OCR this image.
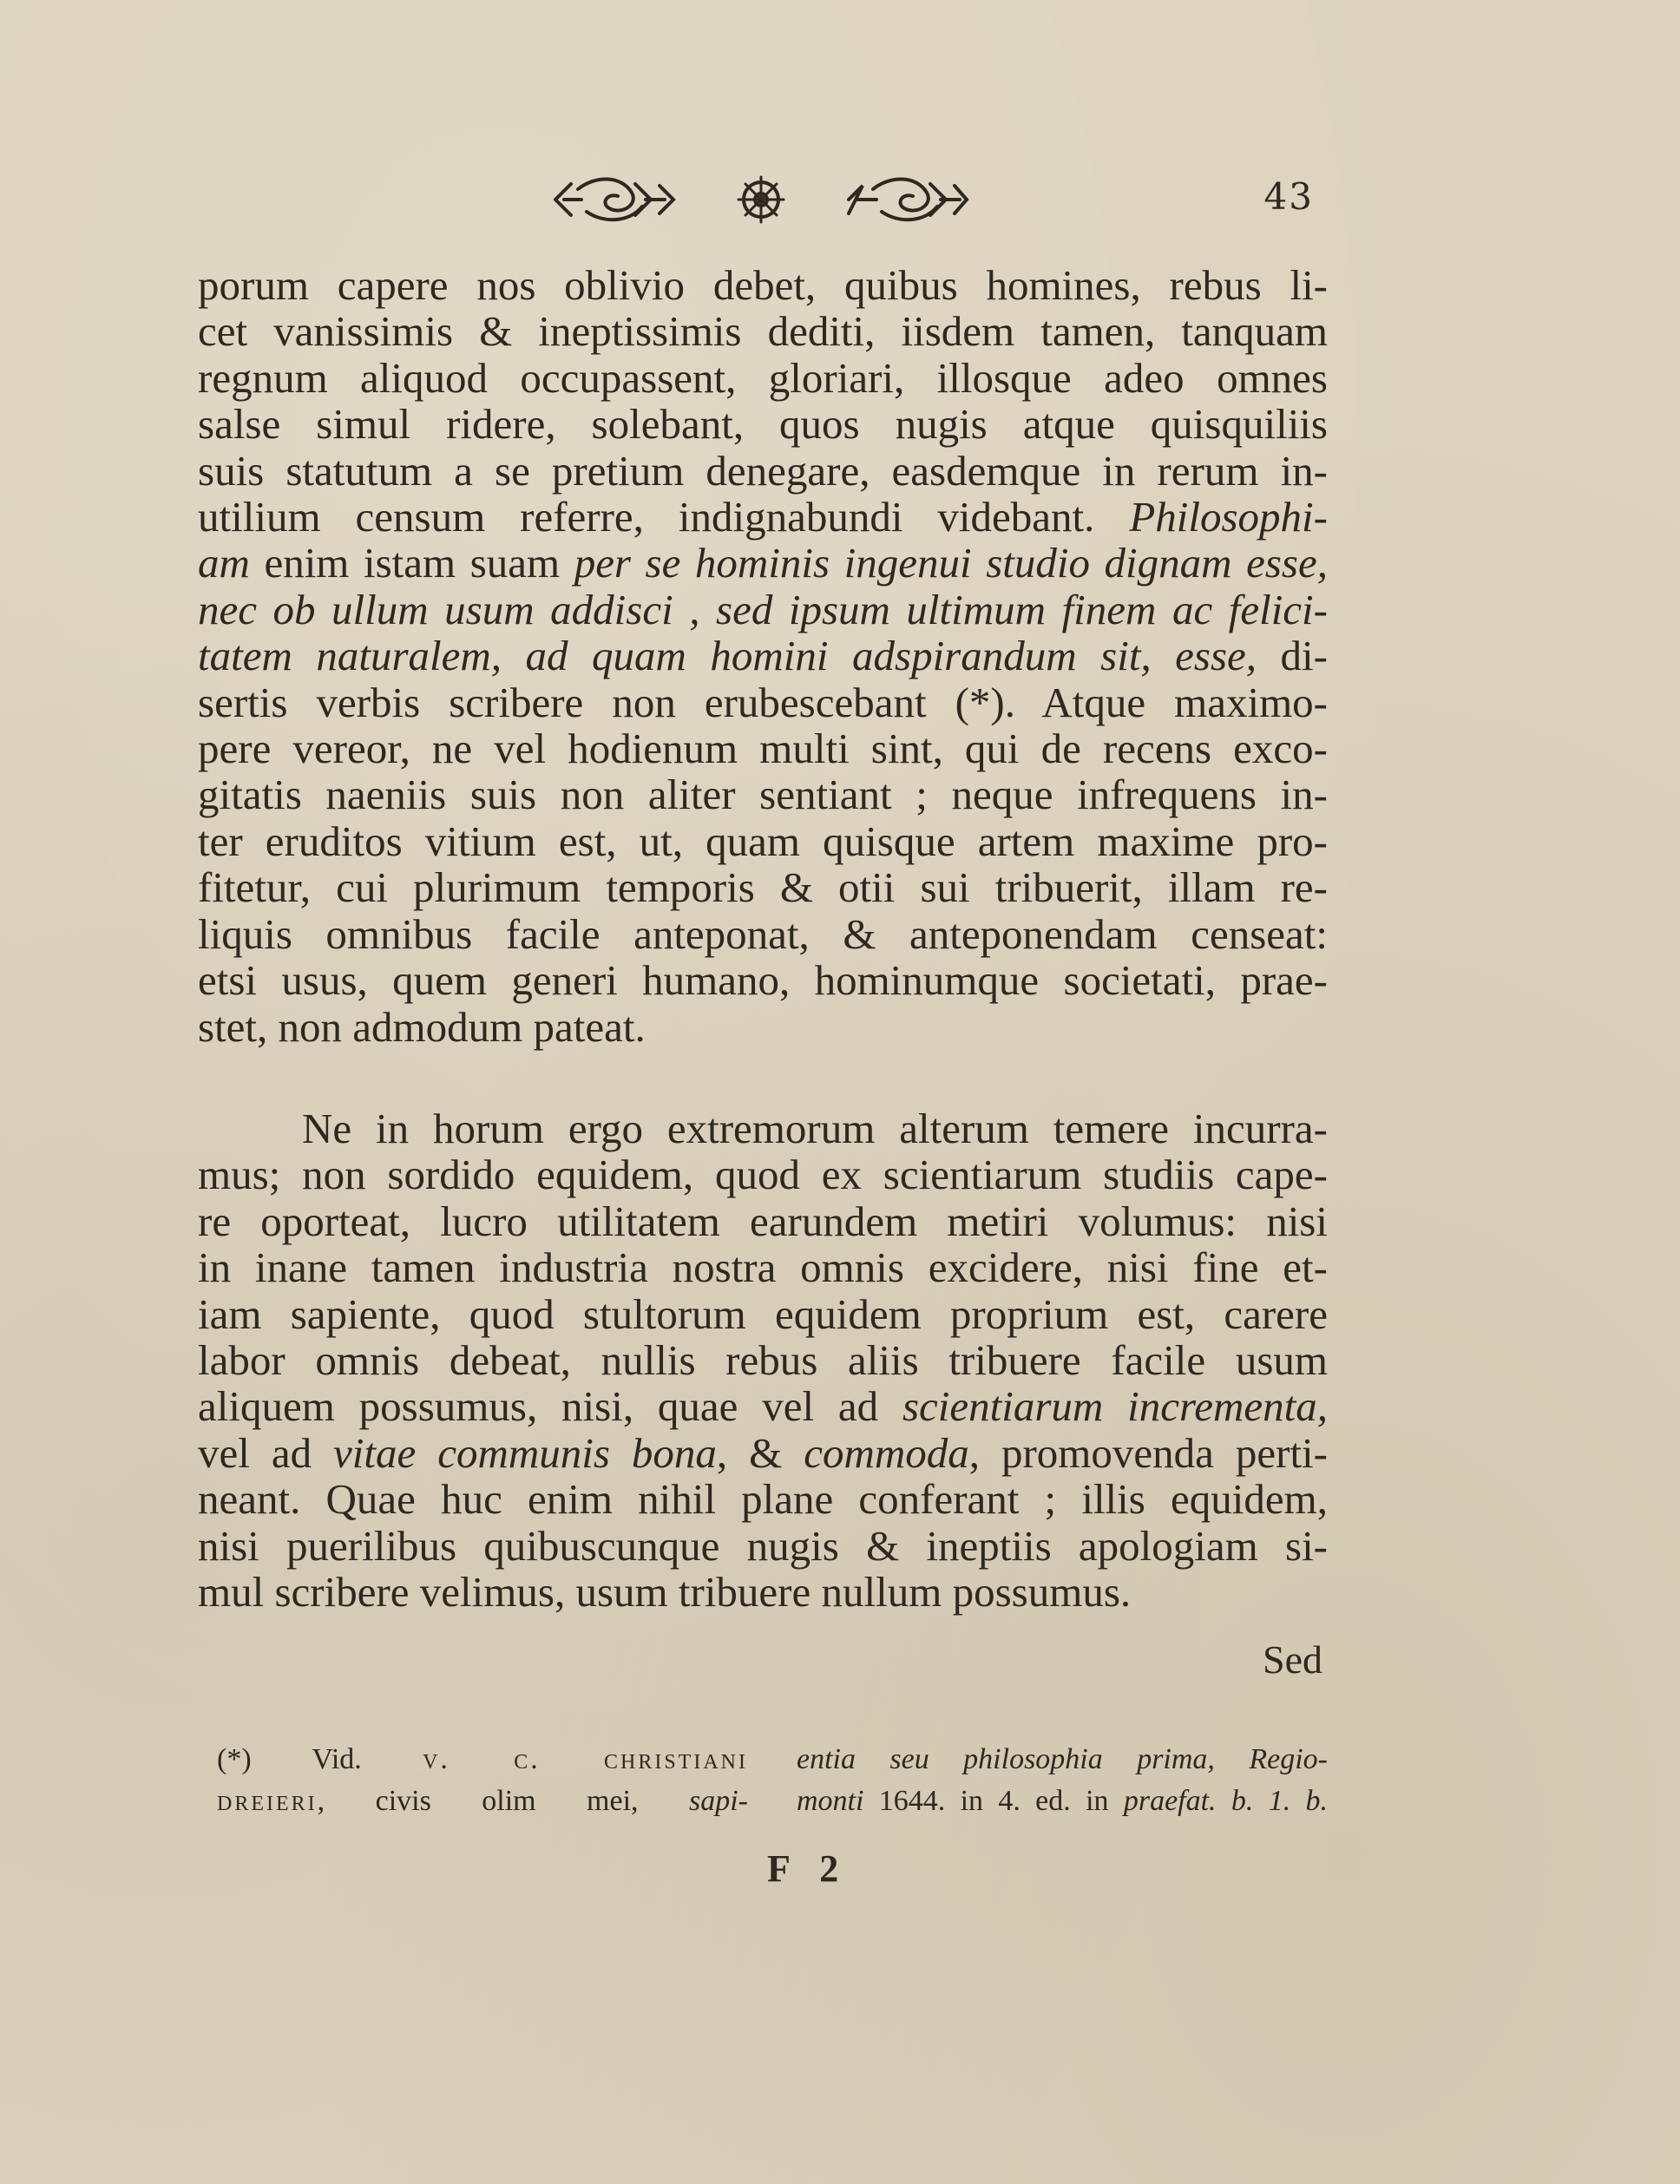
43
porum capere nos oblivio debet, quibus homines, rebus li-
cet vanissimis & ineptissimis dediti, iisdem tamen, tanquam
regnum aliquod occupassent, gloriari, illosque adeo omnes
salse simul ridere, solebant, quos nugis atque quisquiliis
suis statutum a se pretium denegare, easdemque in rerum in-
utilium censum referre, indignabundi videbant. Philosophi-
am enim istam suam per se hominis ingenui studio dignam esse,
nec ob ullum usum addisci , sed ipsum ultimum finem ac felici-
tatem naturalem, ad quam homini adspirandum sit, esse, di-
sertis verbis scribere non erubescebant (*). Atque maximo-
pere vereor, ne vel hodienum multi sint, qui de recens exco-
gitatis naeniis suis non aliter sentiant ; neque infrequens in-
ter eruditos vitium est, ut, quam quisque artem maxime pro-
fitetur, cui plurimum temporis & otii sui tribuerit, illam re-
liquis omnibus facile anteponat, & anteponendam censeat:
etsi usus, quem generi humano, hominumque societati, prae-
stet, non admodum pateat.
Ne in horum ergo extremorum alterum temere incurra-
mus; non sordido equidem, quod ex scientiarum studiis cape-
re oporteat, lucro utilitatem earundem metiri volumus: nisi
in inane tamen industria nostra omnis excidere, nisi fine et-
iam sapiente, quod stultorum equidem proprium est, carere
labor omnis debeat, nullis rebus aliis tribuere facile usum
aliquem possumus, nisi, quae vel ad scientiarum incrementa,
vel ad vitae communis bona, & commoda, promovenda perti-
neant. Quae huc enim nihil plane conferant ; illis equidem,
nisi puerilibus quibuscunque nugis & ineptiis apologiam si-
mul scribere velimus, usum tribuere nullum possumus.
Sed
(*) Vid. v. c. christiani
dreieri, civis olim mei, sapi-
entia seu philosophia prima, Regio-
monti 1644. in 4. ed. in praefat. b. 1. b.
F 2
